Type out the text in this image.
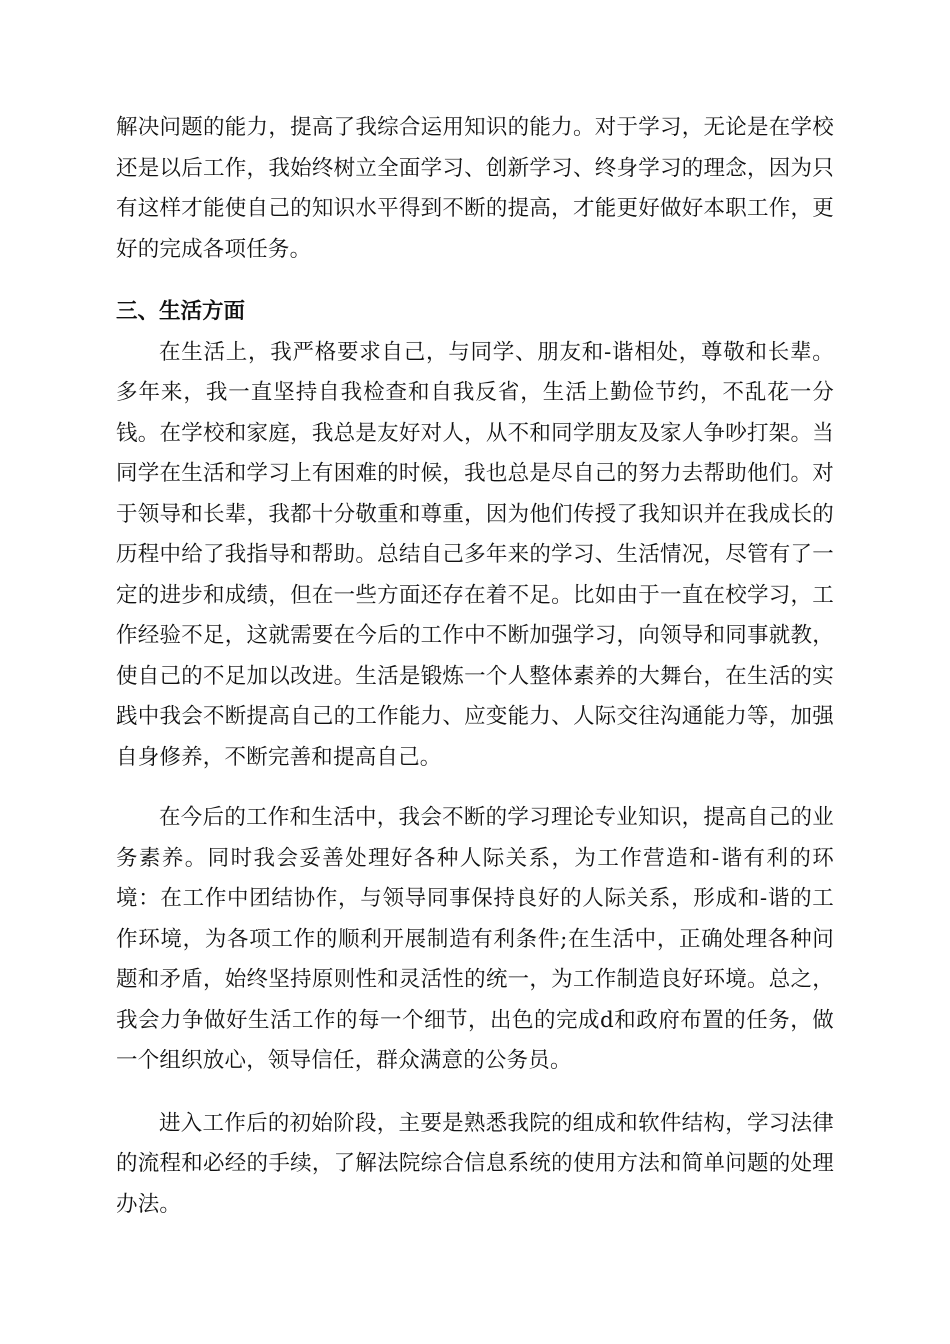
解决问题的能力，提高了我综合运用知识的能力。对于学习，无论是在学校还是以后工作，我始终树立全面学习、创新学习、终身学习的理念，因为只有这样才能使自己的知识水平得到不断的提高，才能更好做好本职工作，更好的完成各项任务。

三、生活方面

在生活上，我严格要求自己，与同学、朋友和-谐相处，尊敬和长辈。多年来，我一直坚持自我检查和自我反省，生活上勤俭节约，不乱花一分钱。在学校和家庭，我总是友好对人，从不和同学朋友及家人争吵打架。当同学在生活和学习上有困难的时候，我也总是尽自己的努力去帮助他们。对于领导和长辈，我都十分敬重和尊重，因为他们传授了我知识并在我成长的历程中给了我指导和帮助。总结自己多年来的学习、生活情况，尽管有了一定的进步和成绩，但在一些方面还存在着不足。比如由于一直在校学习，工作经验不足，这就需要在今后的工作中不断加强学习，向领导和同事就教，使自己的不足加以改进。生活是锻炼一个人整体素养的大舞台，在生活的实践中我会不断提高自己的工作能力、应变能力、人际交往沟通能力等，加强自身修养，不断完善和提高自己。

在今后的工作和生活中，我会不断的学习理论专业知识，提高自己的业务素养。同时我会妥善处理好各种人际关系，为工作营造和-谐有利的环境：在工作中团结协作，与领导同事保持良好的人际关系，形成和-谐的工作环境，为各项工作的顺利开展制造有利条件;在生活中，正确处理各种问题和矛盾，始终坚持原则性和灵活性的统一，为工作制造良好环境。总之，我会力争做好生活工作的每一个细节，出色的完成d和政府布置的任务，做一个组织放心，领导信任，群众满意的公务员。

进入工作后的初始阶段，主要是熟悉我院的组成和软件结构，学习法律的流程和必经的手续，了解法院综合信息系统的使用方法和简单问题的处理办法。
